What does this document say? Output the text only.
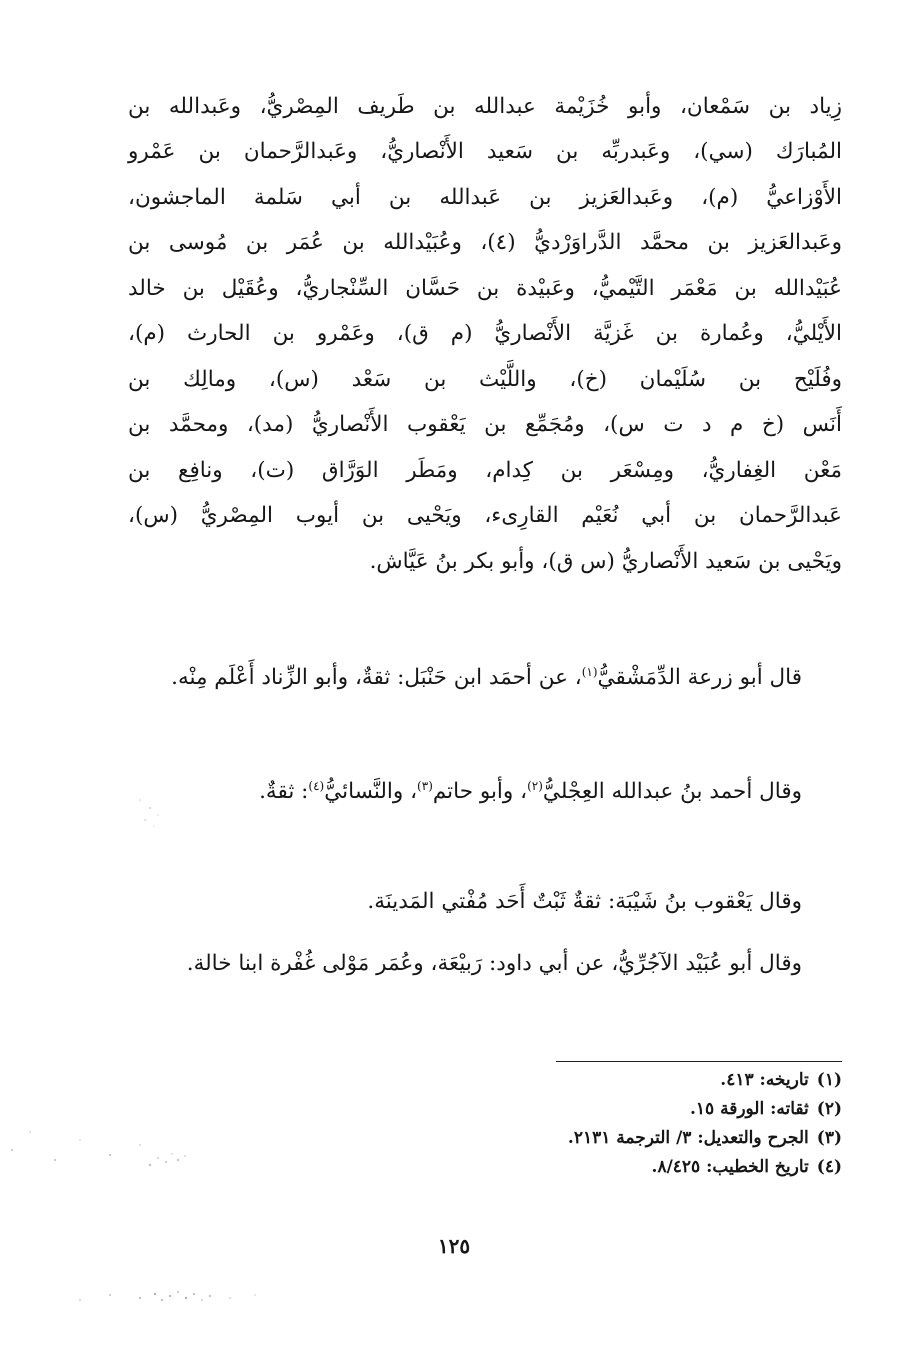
زِياد بن سَمْعان، وأبو خُزَيْمة عبدالله بن طَريف المِصْريُّ، وعَبدالله بن

المُبارَك (سي)، وعَبدربِّه بن سَعيد الأَنْصاريُّ، وعَبدالرَّحمان بن عَمْرو

الأَوْزاعيُّ (م)، وعَبدالعَزيز بن عَبدالله بن أبي سَلمة الماجشون،

وعَبدالعَزيز بن محمَّد الدَّراوَرْديُّ (٤)، وعُبَيْدالله بن عُمَر بن مُوسى بن

عُبَيْدالله بن مَعْمَر التَّيْميُّ، وعَبيْدة بن حَسَّان السِّنْجاريُّ، وعُقَيْل بن خالد

الأَيْليُّ، وعُمارة بن غَزيَّة الأَنْصاريُّ (م ق)، وعَمْرو بن الحارث (م)،

وفُلَيْح بن سُلَيْمان (خ)، واللَّيْث بن سَعْد (س)، ومالِك بن

أَنَس (خ م د ت س)، ومُجَمِّع بن يَعْقوب الأَنْصاريُّ (مد)، ومحمَّد بن

مَعْن الغِفاريُّ، ومِسْعَر بن كِدام، ومَطَر الوَرَّاق (ت)، ونافِع بن

عَبدالرَّحمان بن أبي نُعَيْم القارِىء، ويَحْيى بن أيوب المِصْريُّ (س)،

ويَحْيى بن سَعيد الأَنْصاريُّ (س ق)، وأبو بكر بنُ عَيَّاش.

قال أبو زرعة الدِّمَشْقيُّ$^{(١)}$، عن أحمَد ابن حَنْبَل: ثقةٌ، وأبو الزِّناد أَعْلَم مِنْه.

وقال أحمد بنُ عبدالله العِجْليُّ$^{(٢)}$، وأبو حاتم$^{(٣)}$، والنَّسائيُّ$^{(٤)}$: ثقةٌ.

وقال يَعْقوب بنُ شَيْبَة: ثقةٌ ثَبْتٌ أَحَد مُفْتي المَدينَة.

وقال أبو عُبَيْد الآجُرِّيُّ، عن أبي داود: رَبيْعَة، وعُمَر مَوْلى غُفْرة ابنا خالة.

(١)تاريخه: ٤١٣.
(٢)ثقاته: الورقة ١٥.
(٣)الجرح والتعديل: ٣/ الترجمة ٢١٣١.
(٤)تاريخ الخطيب: ٨/٤٢٥.
١٢٥
